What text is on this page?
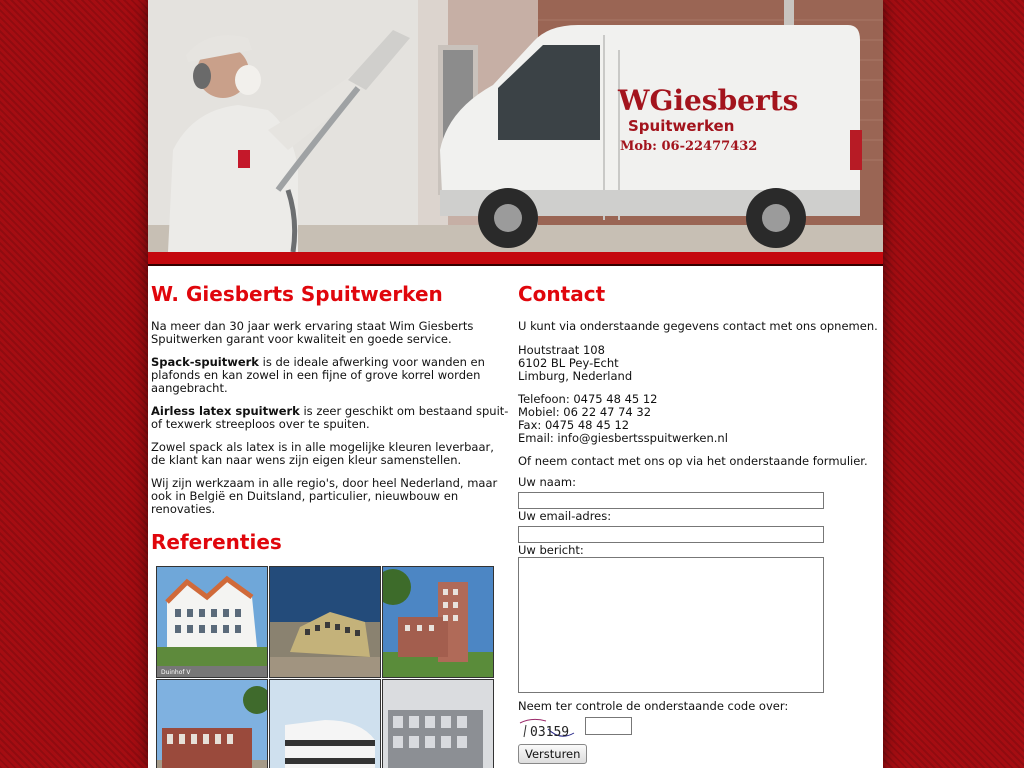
WGiesberts
Spuitwerken
Mob: 06-22477432
W. Giesberts Spuitwerken

Na meer dan 30 jaar werk ervaring staat Wim Giesberts Spuitwerken garant voor kwaliteit en goede service.

Spack-spuitwerk is de ideale afwerking voor wanden en plafonds en kan zowel in een fijne of grove korrel worden aangebracht.

Airless latex spuitwerk is zeer geschikt om bestaand spuit- of texwerk streeploos over te spuiten.

Zowel spack als latex is in alle mogelijke kleuren leverbaar, de klant kan naar wens zijn eigen kleur samenstellen.

Wij zijn werkzaam in alle regio's, door heel Nederland, maar ook in België en Duitsland, particulier, nieuwbouw en renovaties.

Referenties
Duinhof V
Contact

U kunt via onderstaande gegevens contact met ons opnemen.

Houtstraat 108
6102 BL Pey-Echt
Limburg, Nederland
Telefoon: 0475 48 45 12
Mobiel: 06 22 47 74 32
Fax: 0475 48 45 12
Email: info@giesbertsspuitwerken.nl

Of neem contact met ons op via het onderstaande formulier.

Uw naam:
Uw email-adres:
Uw bericht:
Neem ter controle de onderstaande code over:
03159
Versturen
